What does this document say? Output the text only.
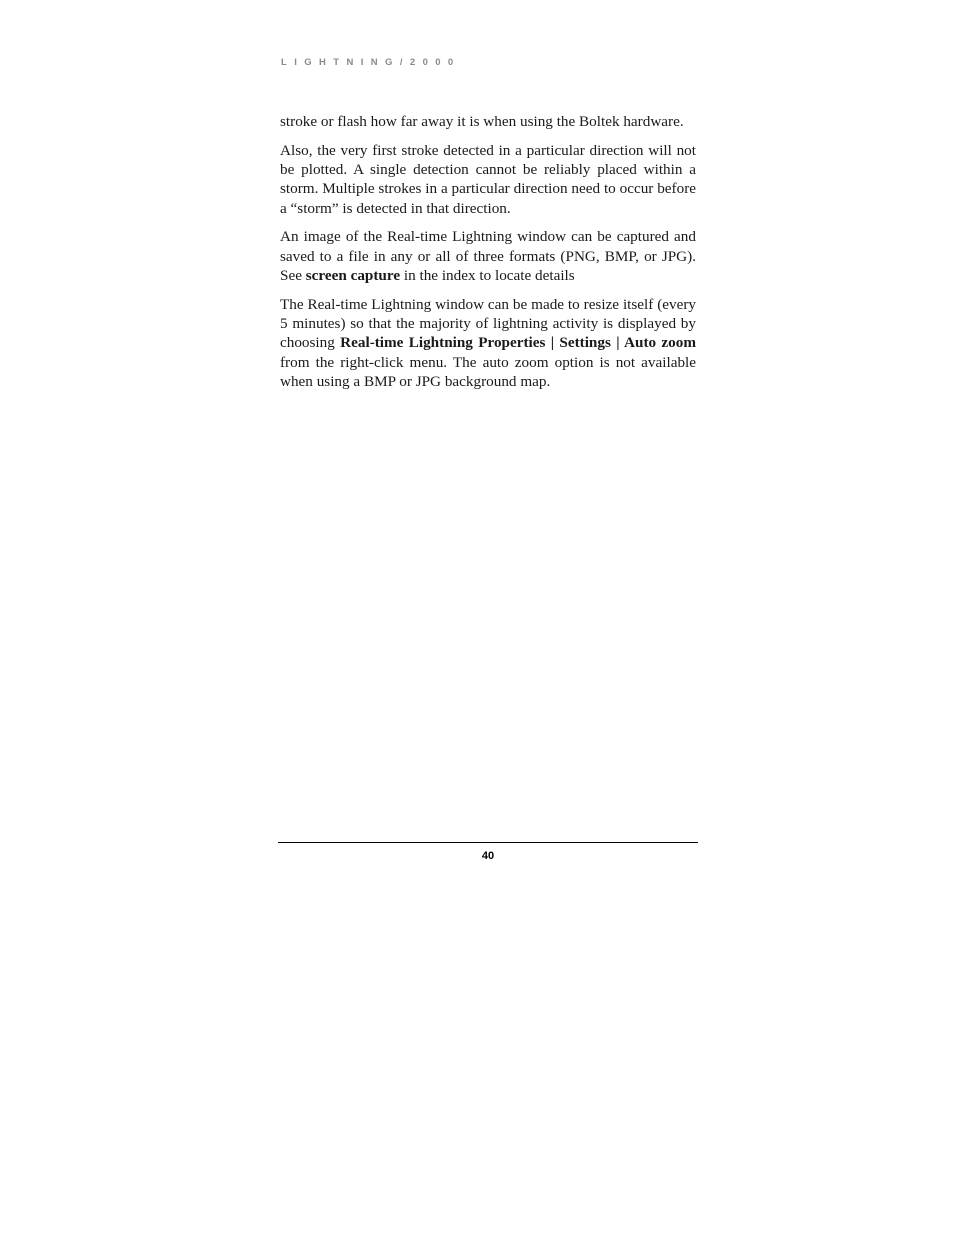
LIGHTNING/2000

stroke or flash how far away it is when using the Boltek hardware.

Also, the very first stroke detected in a particular direction will not be plotted. A single detection cannot be reliably placed within a storm. Multiple strokes in a particular direction need to occur before a “storm” is detected in that direction.

An image of the Real-time Lightning window can be captured and saved to a file in any or all of three formats (PNG, BMP, or JPG). See screen capture in the index to locate details

The Real-time Lightning window can be made to resize itself (every 5 minutes) so that the majority of lightning activity is displayed by choosing Real-time Lightning Properties | Settings | Auto zoom from the right-click menu. The auto zoom option is not available when using a BMP or JPG background map.

40
